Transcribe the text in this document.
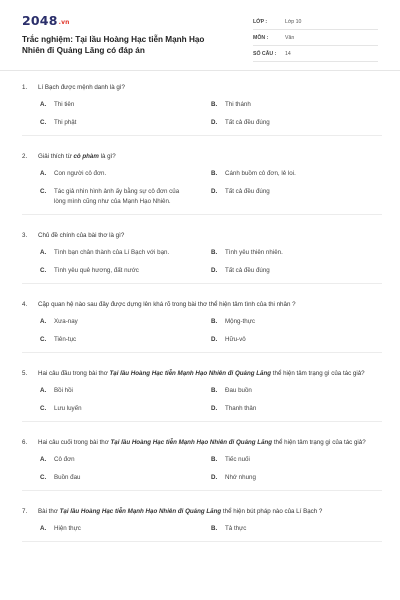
2048.vn
Trắc nghiệm: Tại lầu Hoàng Hạc tiễn Mạnh Hạo Nhiên đi Quảng Lăng có đáp án
LỚP :	Lớp 10
MÔN :	Văn
SỐ CÂU :	14
1.	Lí Bạch được mệnh danh là gì?
A.	Thi tiên	B.	Thi thánh
C.	Thi phật	D.	Tất cả đều đúng
2.	Giải thích từ cô phàm là gì?
A.	Con người cô đơn.	B.	Cánh buồm cô đơn, lẻ loi.
C.	Tác giả nhìn hình ảnh ấy bằng sự cô đơn của lòng mình cũng như của Mạnh Hạo Nhiên.
D.	Tất cả đều đúng
3.	Chủ đề chính của bài thơ là gì?
A.	Tình bạn chân thành của Lí Bạch với bạn.	B.	Tình yêu thiên nhiên.
C.	Tình yêu quê hương, đất nước	D.	Tất cả đều đúng
4.	Cặp quan hệ nào sau đây được dựng lên khá rõ trong bài thơ thể hiện tâm tình của thi nhân ?
A.	Xưa-nay	B.	Mộng-thực
C.	Tiên-tục	D.	Hữu-vô
5.	Hai câu đầu trong bài thơ Tại lầu Hoàng Hạc tiễn Mạnh Hạo Nhiên đi Quảng Lăng thể hiện tâm trạng gì của tác giả?
A.	Bồi hồi	B.	Đau buồn
C.	Lưu luyến	D.	Thanh thản
6.	Hai câu cuối trong bài thơ Tại lầu Hoàng Hạc tiễn Mạnh Hạo Nhiên đi Quảng Lăng thể hiện tâm trạng gì của tác giả?
A.	Cô đơn	B.	Tiếc nuối
C.	Buồn đau	D.	Nhớ nhung
7.	Bài thơ Tại lầu Hoàng Hạc tiễn Mạnh Hạo Nhiên đi Quảng Lăng thể hiện bút pháp nào của Lí Bạch ?
A.	Hiện thực	B.	Tả thực
